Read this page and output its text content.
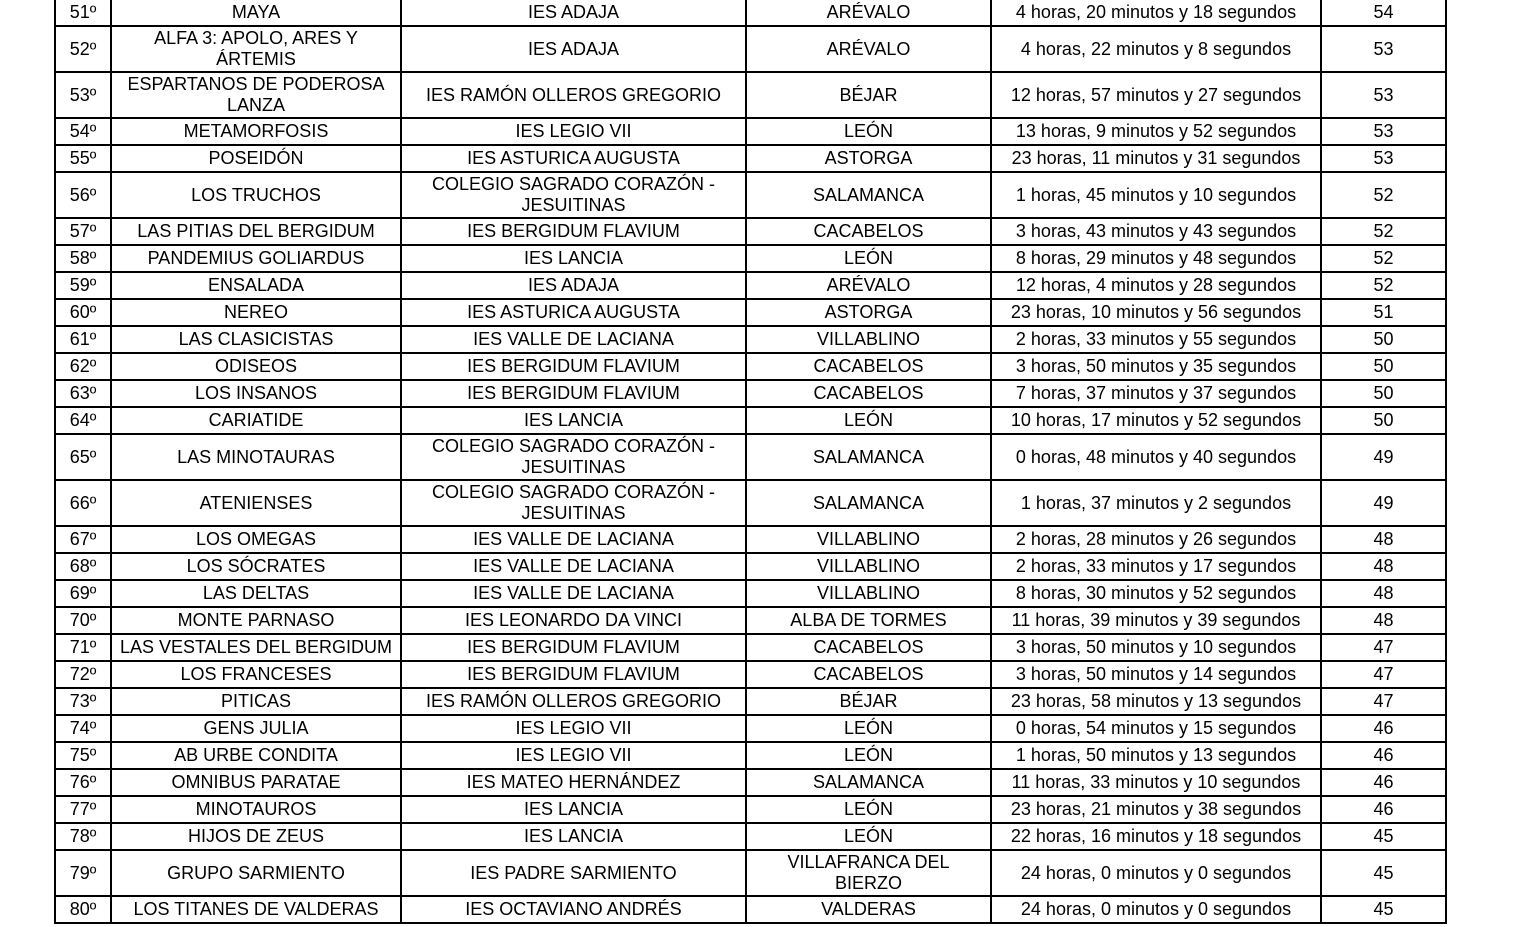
51º	MAYA	IES ADAJA	ARÉVALO	4 horas, 20 minutos y 18 segundos	54
52º	ALFA 3: APOLO, ARES Y ÁRTEMIS	IES ADAJA	ARÉVALO	4 horas, 22 minutos y 8 segundos	53
53º	ESPARTANOS DE PODEROSA LANZA	IES RAMÓN OLLEROS GREGORIO	BÉJAR	12 horas, 57 minutos y 27 segundos	53
54º	METAMORFOSIS	IES LEGIO VII	LEÓN	13 horas, 9 minutos y 52 segundos	53
55º	POSEIDÓN	IES ASTURICA AUGUSTA	ASTORGA	23 horas, 11 minutos y 31 segundos	53
56º	LOS TRUCHOS	COLEGIO SAGRADO CORAZÓN - JESUITINAS	SALAMANCA	1 horas, 45 minutos y 10 segundos	52
57º	LAS PITIAS DEL BERGIDUM	IES BERGIDUM FLAVIUM	CACABELOS	3 horas, 43 minutos y 43 segundos	52
58º	PANDEMIUS GOLIARDUS	IES LANCIA	LEÓN	8 horas, 29 minutos y 48 segundos	52
59º	ENSALADA	IES ADAJA	ARÉVALO	12 horas, 4 minutos y 28 segundos	52
60º	NEREO	IES ASTURICA AUGUSTA	ASTORGA	23 horas, 10 minutos y 56 segundos	51
61º	LAS CLASICISTAS	IES VALLE DE LACIANA	VILLABLINO	2 horas, 33 minutos y 55 segundos	50
62º	ODISEOS	IES BERGIDUM FLAVIUM	CACABELOS	3 horas, 50 minutos y 35 segundos	50
63º	LOS INSANOS	IES BERGIDUM FLAVIUM	CACABELOS	7 horas, 37 minutos y 37 segundos	50
64º	CARIATIDE	IES LANCIA	LEÓN	10 horas, 17 minutos y 52 segundos	50
65º	LAS MINOTAURAS	COLEGIO SAGRADO CORAZÓN - JESUITINAS	SALAMANCA	0 horas, 48 minutos y 40 segundos	49
66º	ATENIENSES	COLEGIO SAGRADO CORAZÓN - JESUITINAS	SALAMANCA	1 horas, 37 minutos y 2 segundos	49
67º	LOS OMEGAS	IES VALLE DE LACIANA	VILLABLINO	2 horas, 28 minutos y 26 segundos	48
68º	LOS SÓCRATES	IES VALLE DE LACIANA	VILLABLINO	2 horas, 33 minutos y 17 segundos	48
69º	LAS DELTAS	IES VALLE DE LACIANA	VILLABLINO	8 horas, 30 minutos y 52 segundos	48
70º	MONTE PARNASO	IES LEONARDO DA VINCI	ALBA DE TORMES	11 horas, 39 minutos y 39 segundos	48
71º	LAS VESTALES DEL BERGIDUM	IES BERGIDUM FLAVIUM	CACABELOS	3 horas, 50 minutos y 10 segundos	47
72º	LOS FRANCESES	IES BERGIDUM FLAVIUM	CACABELOS	3 horas, 50 minutos y 14 segundos	47
73º	PITICAS	IES RAMÓN OLLEROS GREGORIO	BÉJAR	23 horas, 58 minutos y 13 segundos	47
74º	GENS JULIA	IES LEGIO VII	LEÓN	0 horas, 54 minutos y 15 segundos	46
75º	AB URBE CONDITA	IES LEGIO VII	LEÓN	1 horas, 50 minutos y 13 segundos	46
76º	OMNIBUS PARATAE	IES MATEO HERNÁNDEZ	SALAMANCA	11 horas, 33 minutos y 10 segundos	46
77º	MINOTAUROS	IES LANCIA	LEÓN	23 horas, 21 minutos y 38 segundos	46
78º	HIJOS DE ZEUS	IES LANCIA	LEÓN	22 horas, 16 minutos y 18 segundos	45
79º	GRUPO SARMIENTO	IES PADRE SARMIENTO	VILLAFRANCA DEL BIERZO	24 horas, 0 minutos y 0 segundos	45
80º	LOS TITANES DE VALDERAS	IES OCTAVIANO ANDRÉS	VALDERAS	24 horas, 0 minutos y 0 segundos	45
